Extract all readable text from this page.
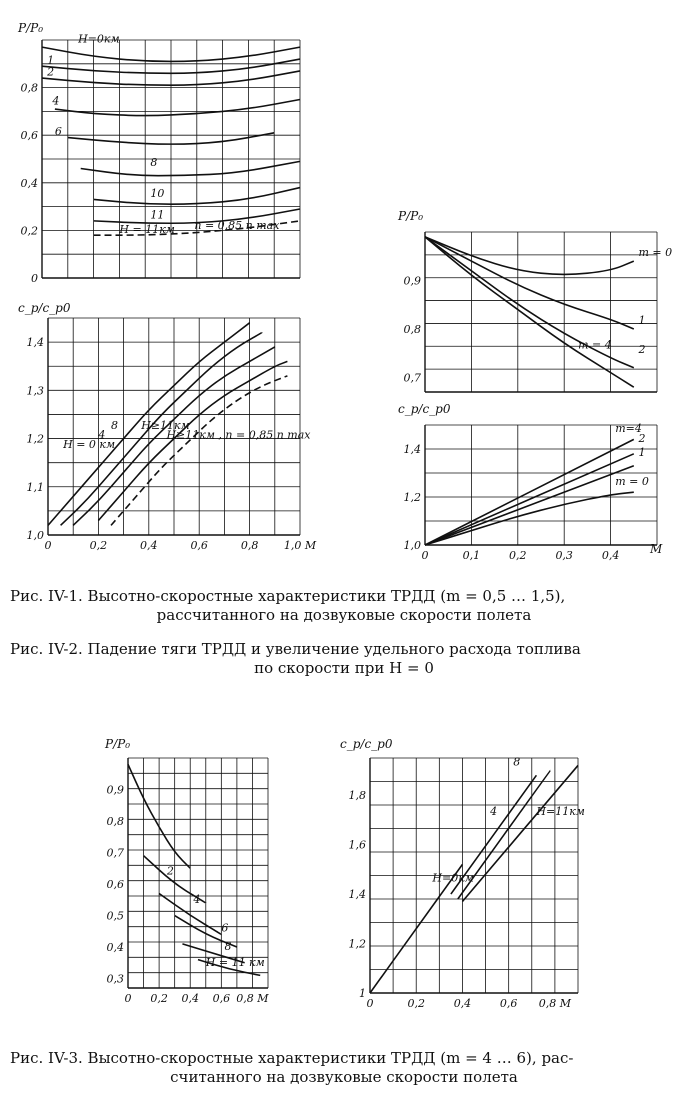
0
0,2
0,4
0,6
0,8
P/P₀
H=0км
1
2
4
6
8
10
11
H = 11км n = 0,85 n max
1,0
1,1
1,2
1,3
1,4
0	0,2	0,4	0,6	0,8 1,0 M
c_p/c_p0
H = 0 км
4
8 H≥11км
H≥11км , n = 0,85 n max
0,7
0,8
0,9
P/P₀
m = 0
1
2
m = 4
1,0
1,2
1,4
0	0,1	0,2	0,3	0,4
c_p/c_p0
M
m=4
2
1
m = 0
0,3
0,4
0,5
0,6
0,7
0,8
0,9
0 0,2 0,4 0,6 0,8 M
P/P₀
2
4
6
8
H = 11 км
1
1,2
1,4
1,6
1,8
0	0,2	0,4	0,6 0,8 M
c_p/c_p0
H=0км
4
8
H=11км
Рис. IV-1. Высотно-скоростные характеристики ТРДД (m = 0,5 … 1,5),
рассчитанного на дозвуковые скорости полета
Рис. IV-2. Падение тяги ТРДД и увеличение удельного расхода топлива
по скорости при H = 0
Рис. IV-3. Высотно-скоростные характеристики ТРДД (m = 4 … 6), рас-
считанного на дозвуковые скорости полета
